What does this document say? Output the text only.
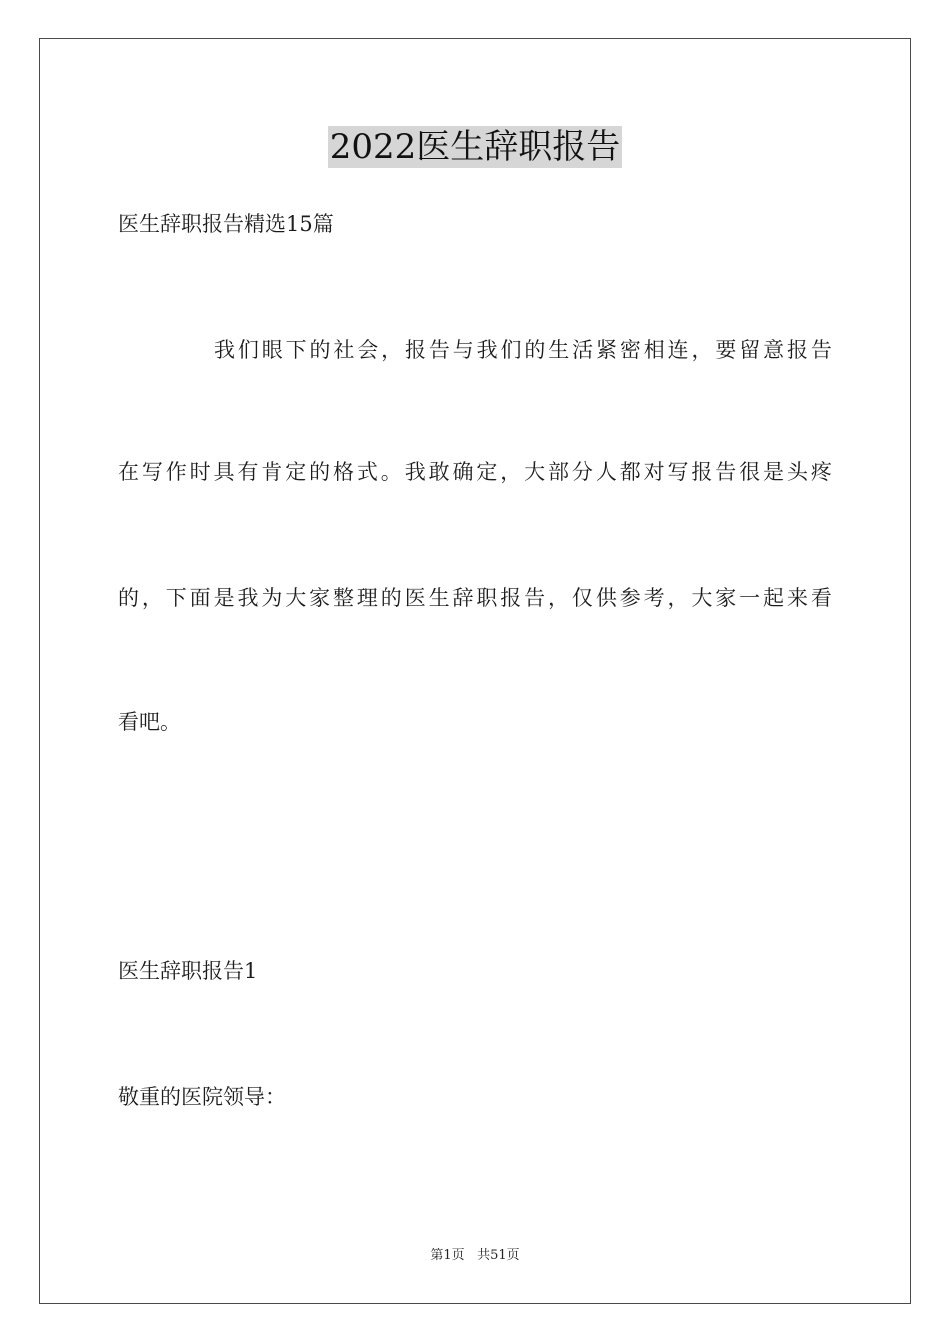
2022医生辞职报告
医生辞职报告精选15篇
我 们 眼 下 的 社 会 ， 报 告 与 我 们 的 生 活 紧 密 相 连 ， 要 留 意 报 告
在 写 作 时 具 有 肯 定 的 格 式 。 我 敢 确 定 ， 大 部 分 人 都 对 写 报 告 很 是 头 疼
的 ， 下 面 是 我 为 大 家 整 理 的 医 生 辞 职 报 告 ， 仅 供 参 考 ， 大 家 一 起 来 看
看吧。
医生辞职报告1
敬重的医院领导：
第1页 共51页
